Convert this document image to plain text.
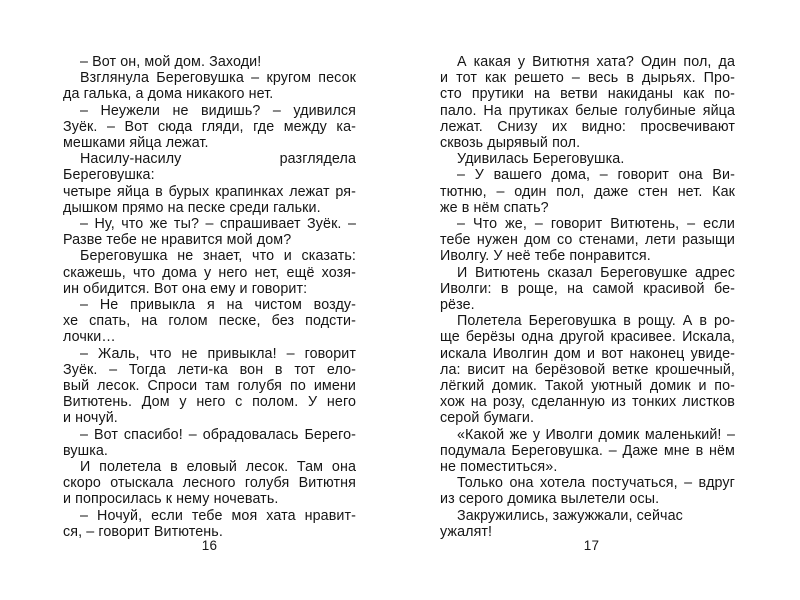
– Вот он, мой дом. Заходи!
Взглянула Береговушка – кругом песок
да галька, а дома никакого нет.
– Неужели не видишь? – удивился
Зуёк. – Вот сюда гляди, где между ка-
мешками яйца лежат.
Насилу-насилу разглядела Береговушка:
четыре яйца в бурых крапинках лежат ря-
дышком прямо на песке среди гальки.
– Ну, что же ты? – спрашивает Зуёк. –
Разве тебе не нравится мой дом?
Береговушка не знает, что и сказать:
скажешь, что дома у него нет, ещё хозя-
ин обидится. Вот она ему и говорит:
– Не привыкла я на чистом возду-
хе спать, на голом песке, без подсти-
лочки…
– Жаль, что не привыкла! – говорит
Зуёк. – Тогда лети-ка вон в тот ело-
вый лесок. Спроси там голубя по имени
Витютень. Дом у него с полом. У него
и ночуй.
– Вот спасибо! – обрадовалась Берего-
вушка.
И полетела в еловый лесок. Там она
скоро отыскала лесного голубя Витютня
и попросилась к нему ночевать.
– Ночуй, если тебе моя хата нравит-
ся, – говорит Витютень.
16
А какая у Витютня хата? Один пол, да
и тот как решето – весь в дырьях. Про-
сто прутики на ветви накиданы как по-
пало. На прутиках белые голубиные яйца
лежат. Снизу их видно: просвечивают
сквозь дырявый пол.
Удивилась Береговушка.
– У вашего дома, – говорит она Ви-
тютню, – один пол, даже стен нет. Как
же в нём спать?
– Что же, – говорит Витютень, – если
тебе нужен дом со стенами, лети разыщи
Иволгу. У неё тебе понравится.
И Витютень сказал Береговушке адрес
Иволги: в роще, на самой красивой бе-
рёзе.
Полетела Береговушка в рощу. А в ро-
ще берёзы одна другой красивее. Искала,
искала Иволгин дом и вот наконец увиде-
ла: висит на берёзовой ветке крошечный,
лёгкий домик. Такой уютный домик и по-
хож на розу, сделанную из тонких листков
серой бумаги.
«Какой же у Иволги домик маленький! –
подумала Береговушка. – Даже мне в нём
не поместиться».
Только она хотела постучаться, – вдруг
из серого домика вылетели осы.
Закружились, зажужжали, сейчас ужалят!
17
